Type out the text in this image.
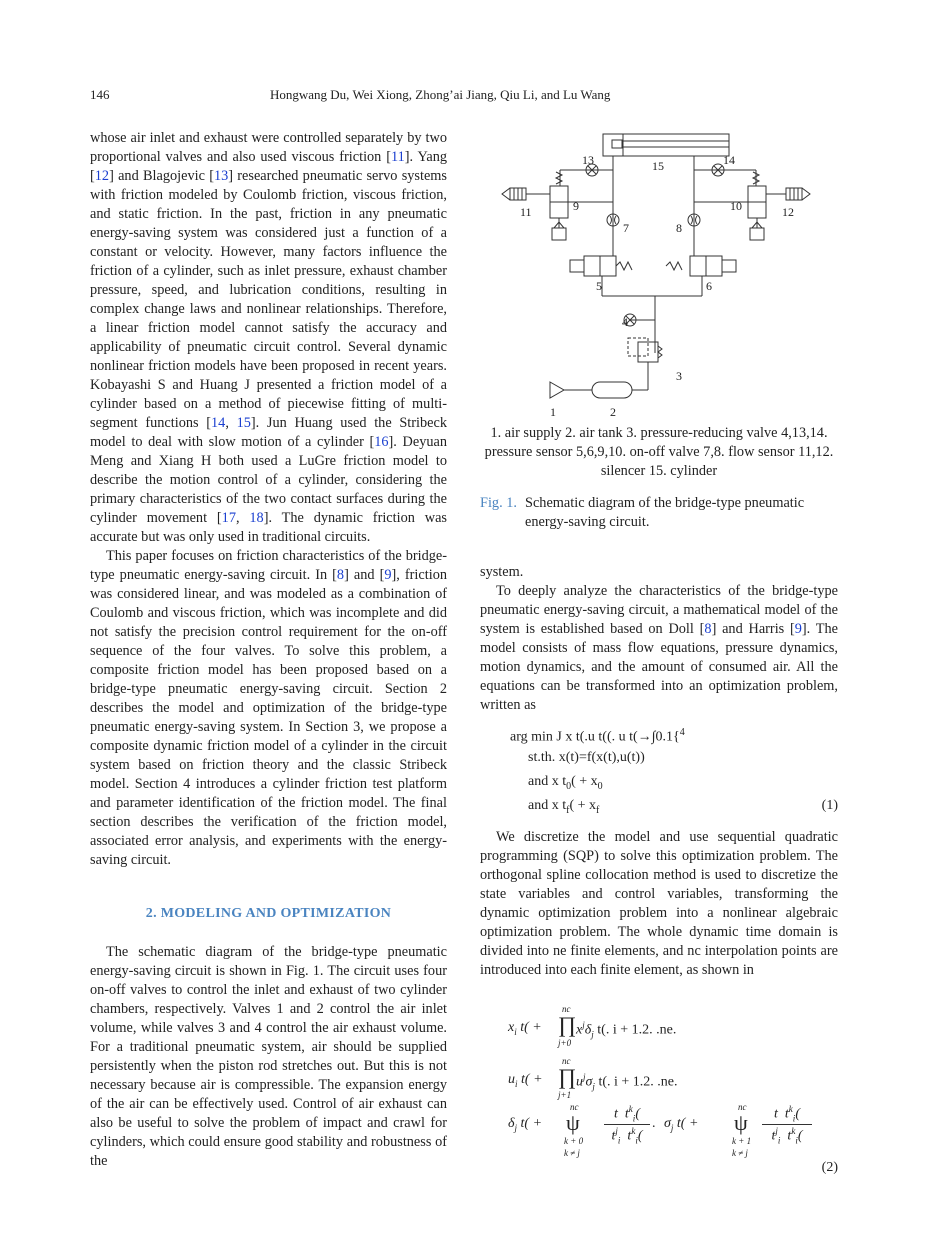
146	Hongwang Du, Wei Xiong, Zhong’ai Jiang, Qiu Li, and Lu Wang

whose air inlet and exhaust were controlled separately by two proportional valves and also used viscous friction [11]. Yang [12] and Blagojevic [13] researched pneumatic servo systems with friction modeled by Coulomb friction, viscous friction, and static friction. In the past, friction in any pneumatic energy-saving system was considered just a function of a constant or velocity. However, many factors influence the friction of a cylinder, such as inlet pressure, exhaust chamber pressure, speed, and lubrication conditions, resulting in complex change laws and nonlinear relationships. Therefore, a linear friction model cannot satisfy the accuracy and applicability of pneumatic circuit control. Several dynamic nonlinear friction models have been proposed in recent years. Kobayashi S and Huang J presented a friction model of a cylinder based on a method of piecewise fitting of multi-segment functions [14, 15]. Jun Huang used the Stribeck model to deal with slow motion of a cylinder [16]. Deyuan Meng and Xiang H both used a LuGre friction model to describe the motion control of a cylinder, considering the primary characteristics of the two contact surfaces during the cylinder movement [17, 18]. The dynamic friction was accurate but was only used in traditional circuits.

This paper focuses on friction characteristics of the bridge-type pneumatic energy-saving circuit. In [8] and [9], friction was considered linear, and was modeled as a combination of Coulomb and viscous friction, which was incomplete and did not satisfy the precision control requirement for the on-off sequence of the four valves. To solve this problem, a composite friction model has been proposed based on a bridge-type pneumatic energy-saving circuit. Section 2 describes the model and optimization of the bridge-type pneumatic energy-saving system. In Section 3, we propose a composite dynamic friction model of a cylinder in the circuit system based on friction theory and the classic Stribeck model. Section 4 introduces a cylinder friction test platform and parameter identification of the friction model. The final section describes the verification of the friction model, associated error analysis, and experiments with the energy-saving circuit.

2. MODELING AND OPTIMIZATION

The schematic diagram of the bridge-type pneumatic energy-saving circuit is shown in Fig. 1. The circuit uses four on-off valves to control the inlet and exhaust of two cylinder chambers, respectively. Valves 1 and 2 control the air inlet volume, while valves 3 and 4 control the air exhaust volume. For a traditional pneumatic system, air should be supplied persistently when the piston rod stretches out. But this is not necessary because air is compressible. The expansion energy of the air can be effectively used. Control of air exhaust can also be useful to solve the problem of impact and crawl for cylinders, which could ensure good stability and robustness of the

13	15	14
11	9	10	12
7	8
5	6
4
3
1	2
1. air supply 2. air tank 3. pressure-reducing valve 4,13,14. pressure sensor 5,6,9,10. on-off valve 7,8. flow sensor 11,12. silencer 15. cylinder
Fig. 1. Schematic diagram of the bridge-type pneumatic energy-saving circuit.

system.

To deeply analyze the characteristics of the bridge-type pneumatic energy-saving circuit, a mathematical model of the system is established based on Doll [8] and Harris [9]. The model consists of mass flow equations, pressure dynamics, motion dynamics, and the amount of consumed air. All the equations can be transformed into an optimization problem, written as

arg min J x t(.u t((. u t(→∫0.1{$^4$
st.th. x(t)=f(x(t),u(t))
and x $t_0( + x_0$
and x $t_f( + x_f$	(1)

We discretize the model and use sequential quadratic programming (SQP) to solve this optimization problem. The orthogonal spline collocation method is used to discretize the state variables and control variables, transforming the dynamic optimization problem into a nonlinear algebraic optimization problem. The whole dynamic time domain is divided into ne finite elements, and nc interpolation points are introduced into each finite element, as shown in

$x_i$ t( +
nc
∏
j+0
$x^j\delta_j$ t(. i + 1.2. .ne.
$u_i$ t( +
nc
∏
j+1
$u^j\sigma_j$ t(. i + 1.2. .ne.
$\delta_j$ t( +
nc
ψ
k + 0
k ≠ j
t $t^k_i$(
$t^j_i$ $t^k_i$(
. $\sigma_j$ t( +
nc
ψ
k + 1
k ≠ j
t $t^k_i$(
$t^j_i$ $t^k_i$(
(2)
